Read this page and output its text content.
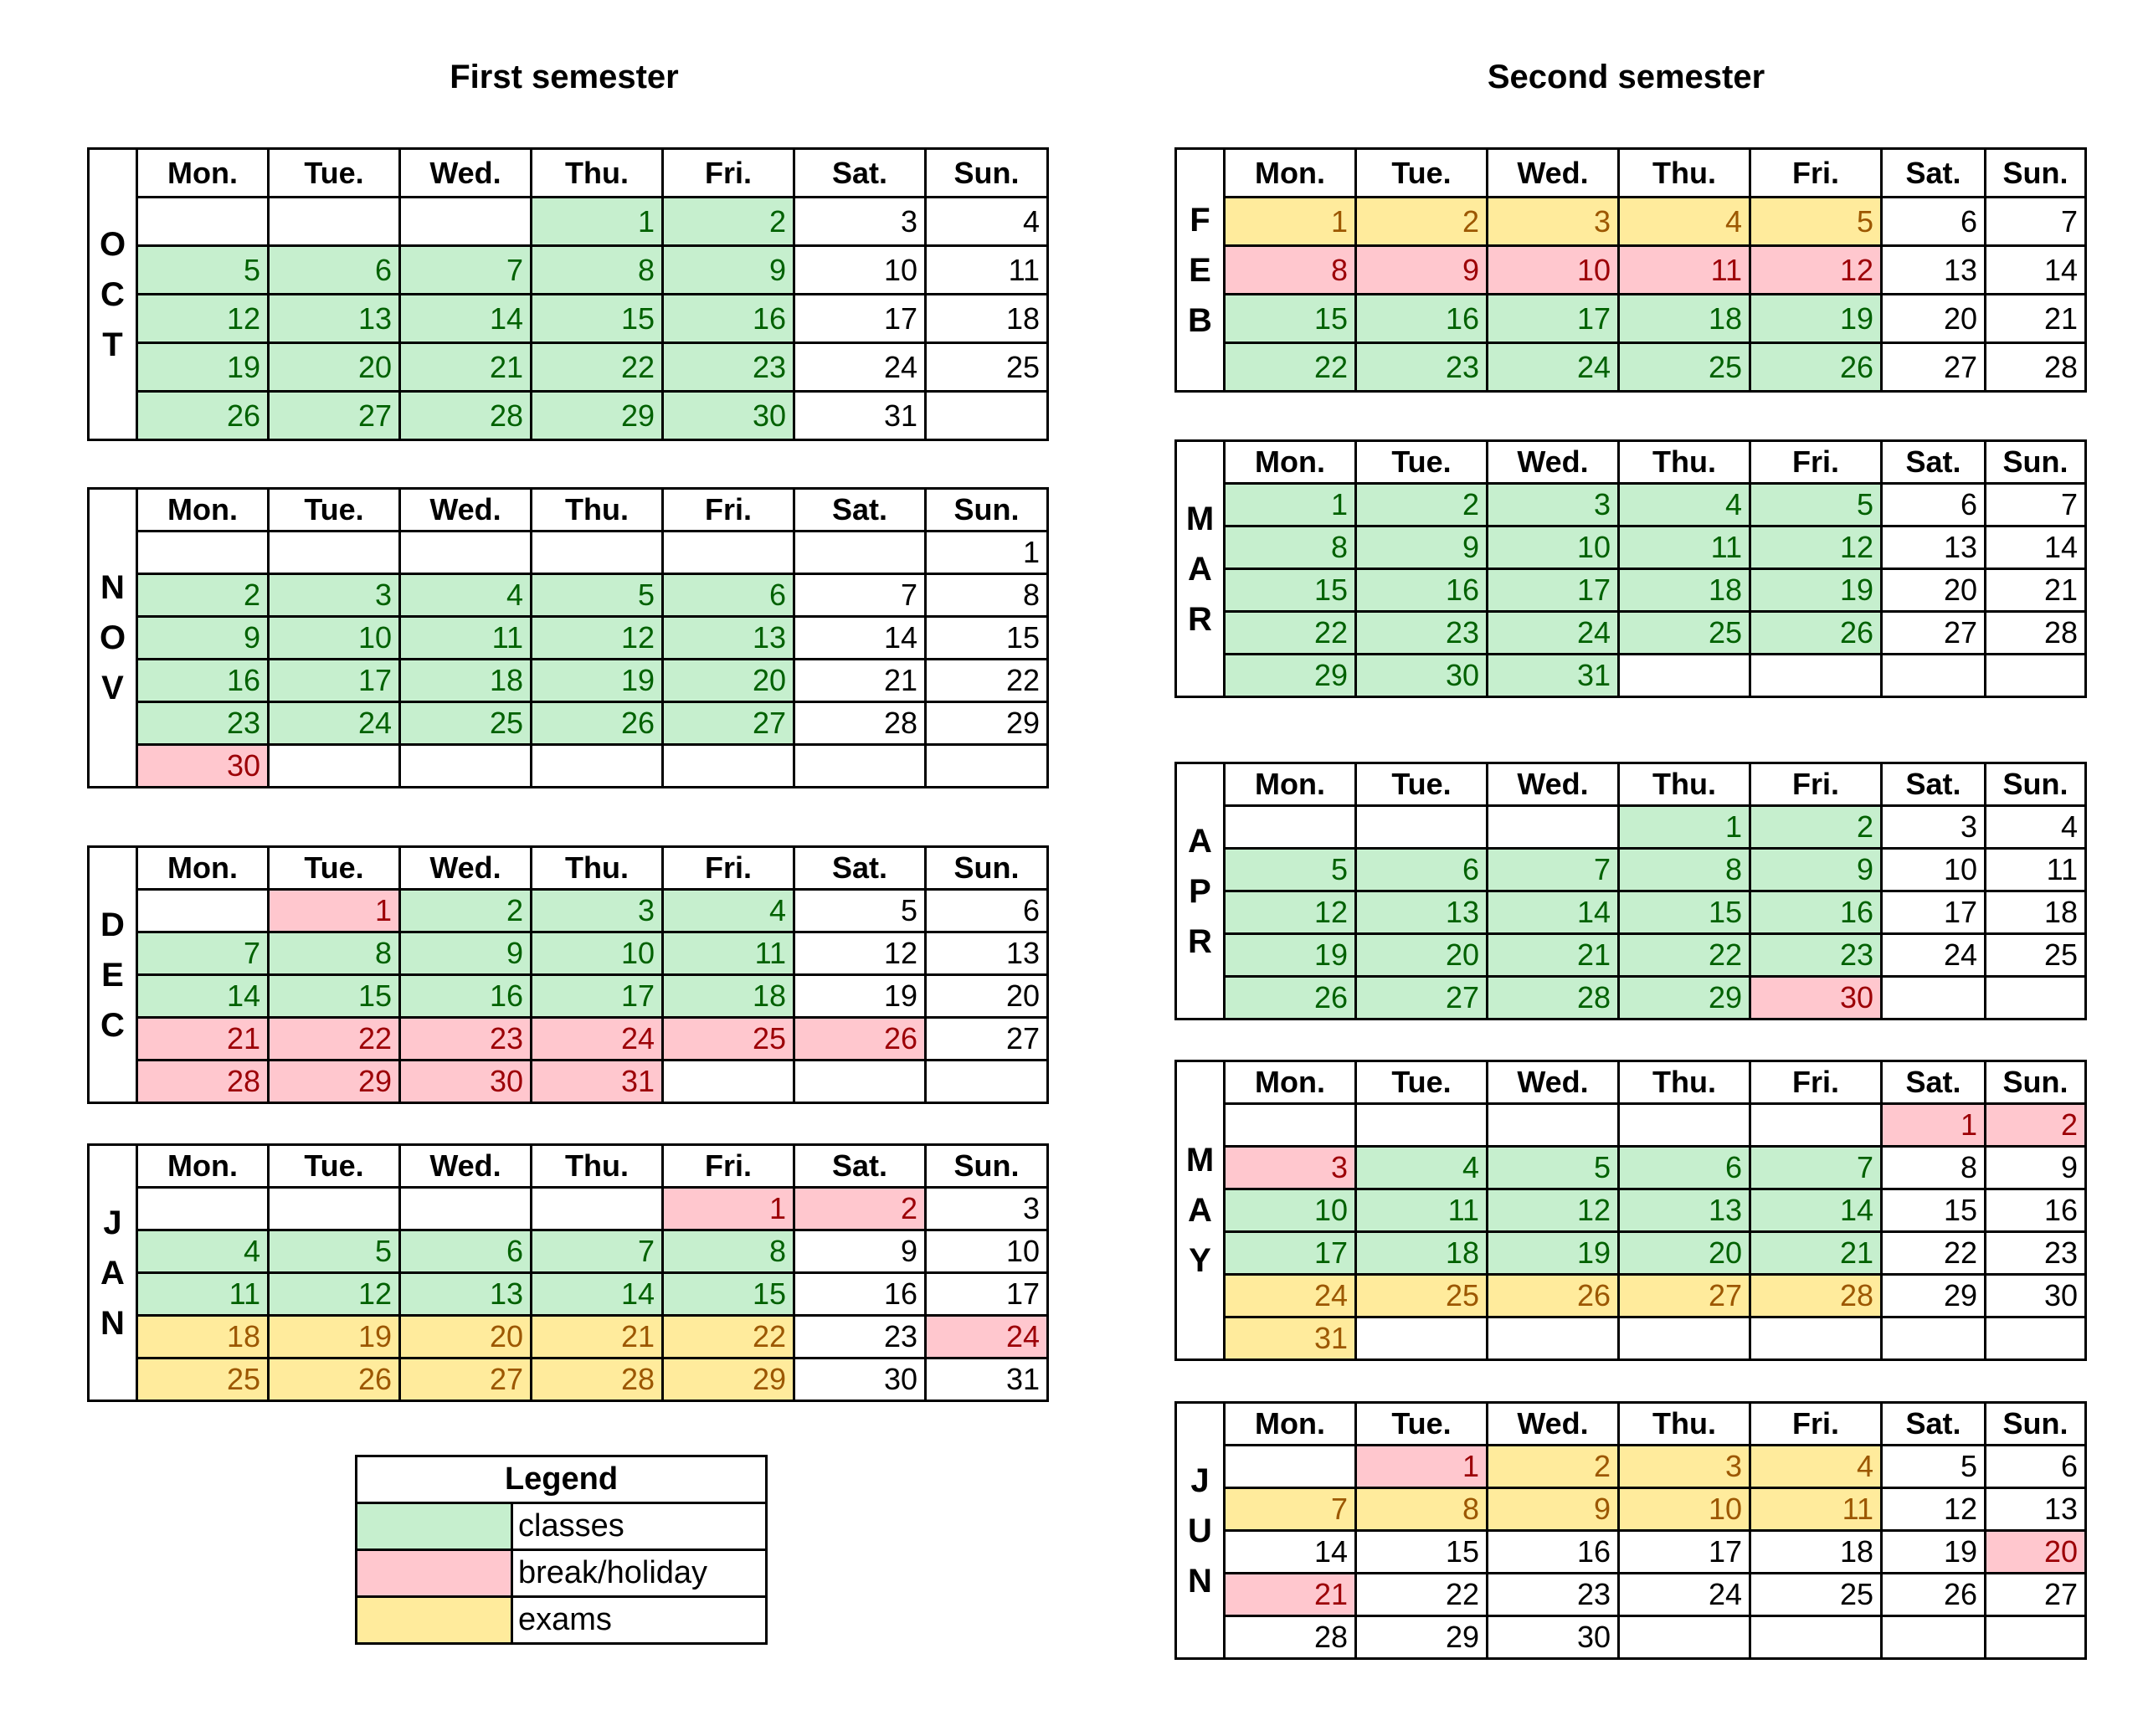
First semester	Second semester
O
C
T	Mon.	Tue.	Wed.	Thu.	Fri.	Sat.	Sun.
				1	2	3	4
	5	6	7	8	9	10	11
	12	13	14	15	16	17	18
	19	20	21	22	23	24	25
	26	27	28	29	30	31	
N
O
V	Mon.	Tue.	Wed.	Thu.	Fri.	Sat.	Sun.
							1
	2	3	4	5	6	7	8
	9	10	11	12	13	14	15
	16	17	18	19	20	21	22
	23	24	25	26	27	28	29
	30						
D
E
C	Mon.	Tue.	Wed.	Thu.	Fri.	Sat.	Sun.
		1	2	3	4	5	6
	7	8	9	10	11	12	13
	14	15	16	17	18	19	20
	21	22	23	24	25	26	27
	28	29	30	31			
J
A
N	Mon.	Tue.	Wed.	Thu.	Fri.	Sat.	Sun.
					1	2	3
	4	5	6	7	8	9	10
	11	12	13	14	15	16	17
	18	19	20	21	22	23	24
	25	26	27	28	29	30	31
F
E
B	Mon.	Tue.	Wed.	Thu.	Fri.	Sat.	Sun.
	1	2	3	4	5	6	7
	8	9	10	11	12	13	14
	15	16	17	18	19	20	21
	22	23	24	25	26	27	28
M
A
R	Mon.	Tue.	Wed.	Thu.	Fri.	Sat.	Sun.
	1	2	3	4	5	6	7
	8	9	10	11	12	13	14
	15	16	17	18	19	20	21
	22	23	24	25	26	27	28
	29	30	31				
A
P
R	Mon.	Tue.	Wed.	Thu.	Fri.	Sat.	Sun.
				1	2	3	4
	5	6	7	8	9	10	11
	12	13	14	15	16	17	18
	19	20	21	22	23	24	25
	26	27	28	29	30		
M
A
Y	Mon.	Tue.	Wed.	Thu.	Fri.	Sat.	Sun.
						1	2
	3	4	5	6	7	8	9
	10	11	12	13	14	15	16
	17	18	19	20	21	22	23
	24	25	26	27	28	29	30
	31						
J
U
N	Mon.	Tue.	Wed.	Thu.	Fri.	Sat.	Sun.
		1	2	3	4	5	6
	7	8	9	10	11	12	13
	14	15	16	17	18	19	20
	21	22	23	24	25	26	27
	28	29	30				
Legend	
	classes
	break/holiday
	exams
